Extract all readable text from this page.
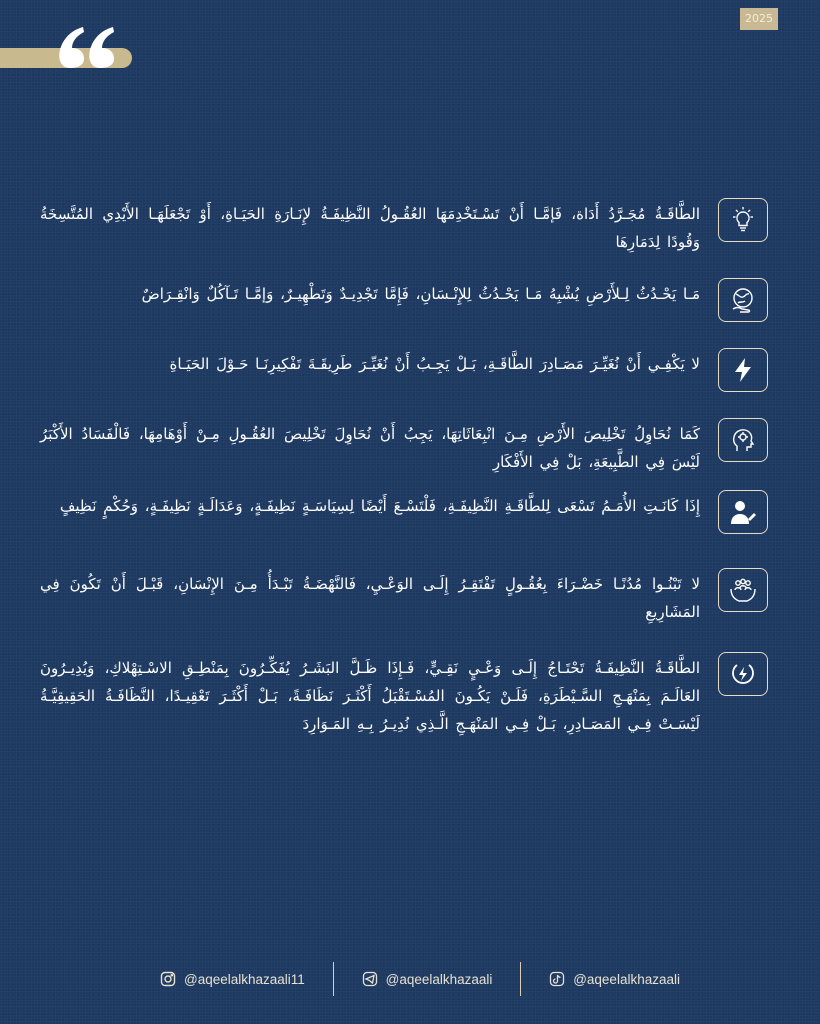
2025
الطَّاقَـةُ مُجَـرَّدُ أَدَاة، فَإمَّـا أَنْ تَسْـتَخْدِمَهَا العُقُـولُ النَّظِيفَـةُ لإِنَـارَةِ الحَيَـاةِ، أَوْ تَجْعَلَهَـا الأَيْدِي المُتَّسِخَةُ وَقُودًا لِدَمَارِهَا
مَـا يَحْـدُثُ لِـلأَرْضِ يُشْبِهُ مَـا يَحْـدُثُ لِلإِنْـسَانِ، فَإِمَّا تَجْدِيـدٌ وَتَطْهِيـرٌ، وَإمَّـا تَـآكُلٌ وَانْقِـرَاضٌ
لا يَكْفِـي أَنْ نُغَيِّـرَ مَصَـادِرَ الطَّاقَـةِ، بَـلْ يَجِـبُ أَنْ نُغَيِّـرَ طَرِيقَـةَ تَفْكِيرِنَـا حَـوْلَ الحَيَـاةِ
كَمَا نُحَاوِلُ تَخْلِيصَ الأَرْضِ مِـنَ انْبِعَاثَاتِهَا، يَجِبُ أَنْ نُحَاوِلَ تَخْلِيصَ العُقُـولِ مِـنْ أَوْهَامِهَا، فَالْفَسَادُ الأَكْبَرُ لَيْسَ فِي الطَّبِيعَةِ، بَلْ فِي الأَفْكَارِ
إِذَا كَانَـتِ الأُمَـمُ تَسْعَى لِلطَّاقَـةِ النَّظِيفَـةِ، فَلْتَسْـعَ أَيْضًا لِسِيَاسَـةٍ نَظِيفَـةٍ، وَعَدَالَـةٍ نَظِيفَـةٍ، وَحُكْمٍ نَظِيفٍ
لا تَبْنُـوا مُدُنًـا خَضْـرَاءَ بِعُقُـولٍ تَفْتَقِـرُ إِلَـى الوَعْـيِ، فَالنَّهْضَـةُ تَبْـدَأُ مِـنَ الإِنْسَانِ، قَبْـلَ أَنْ تَكُونَ فِي المَشَارِيعِ
الطَّاقَـةُ النَّظِيفَـةُ تَحْتَـاجُ إِلَـى وَعْـيٍ نَقِـيٍّ، فَـإِذَا ظَـلَّ البَشَـرُ يُفَكِّـرُونَ بِمَنْطِـقِ الاسْـتِهْلاكِ، وَيُدِيـرُونَ العَالَـمَ بِمَنْهَـجِ السَّـيْطَرَةِ، فَلَـنْ يَكُـونَ المُسْـتَقْبَلُ أَكْثَـرَ نَظَافَـةً، بَـلْ أَكْثَـرَ تَعْقِيـدًا، النَّظَافَـةُ الحَقِيقِيَّـةُ لَيْسَـتْ فِـي المَصَـادِرِ، بَـلْ فِـي المَنْهَـجِ الَّـذِي نُدِيـرُ بِـهِ المَـوَارِدَ
@aqeelalkhazaali11	@aqeelalkhazaali	@aqeelalkhazaali
